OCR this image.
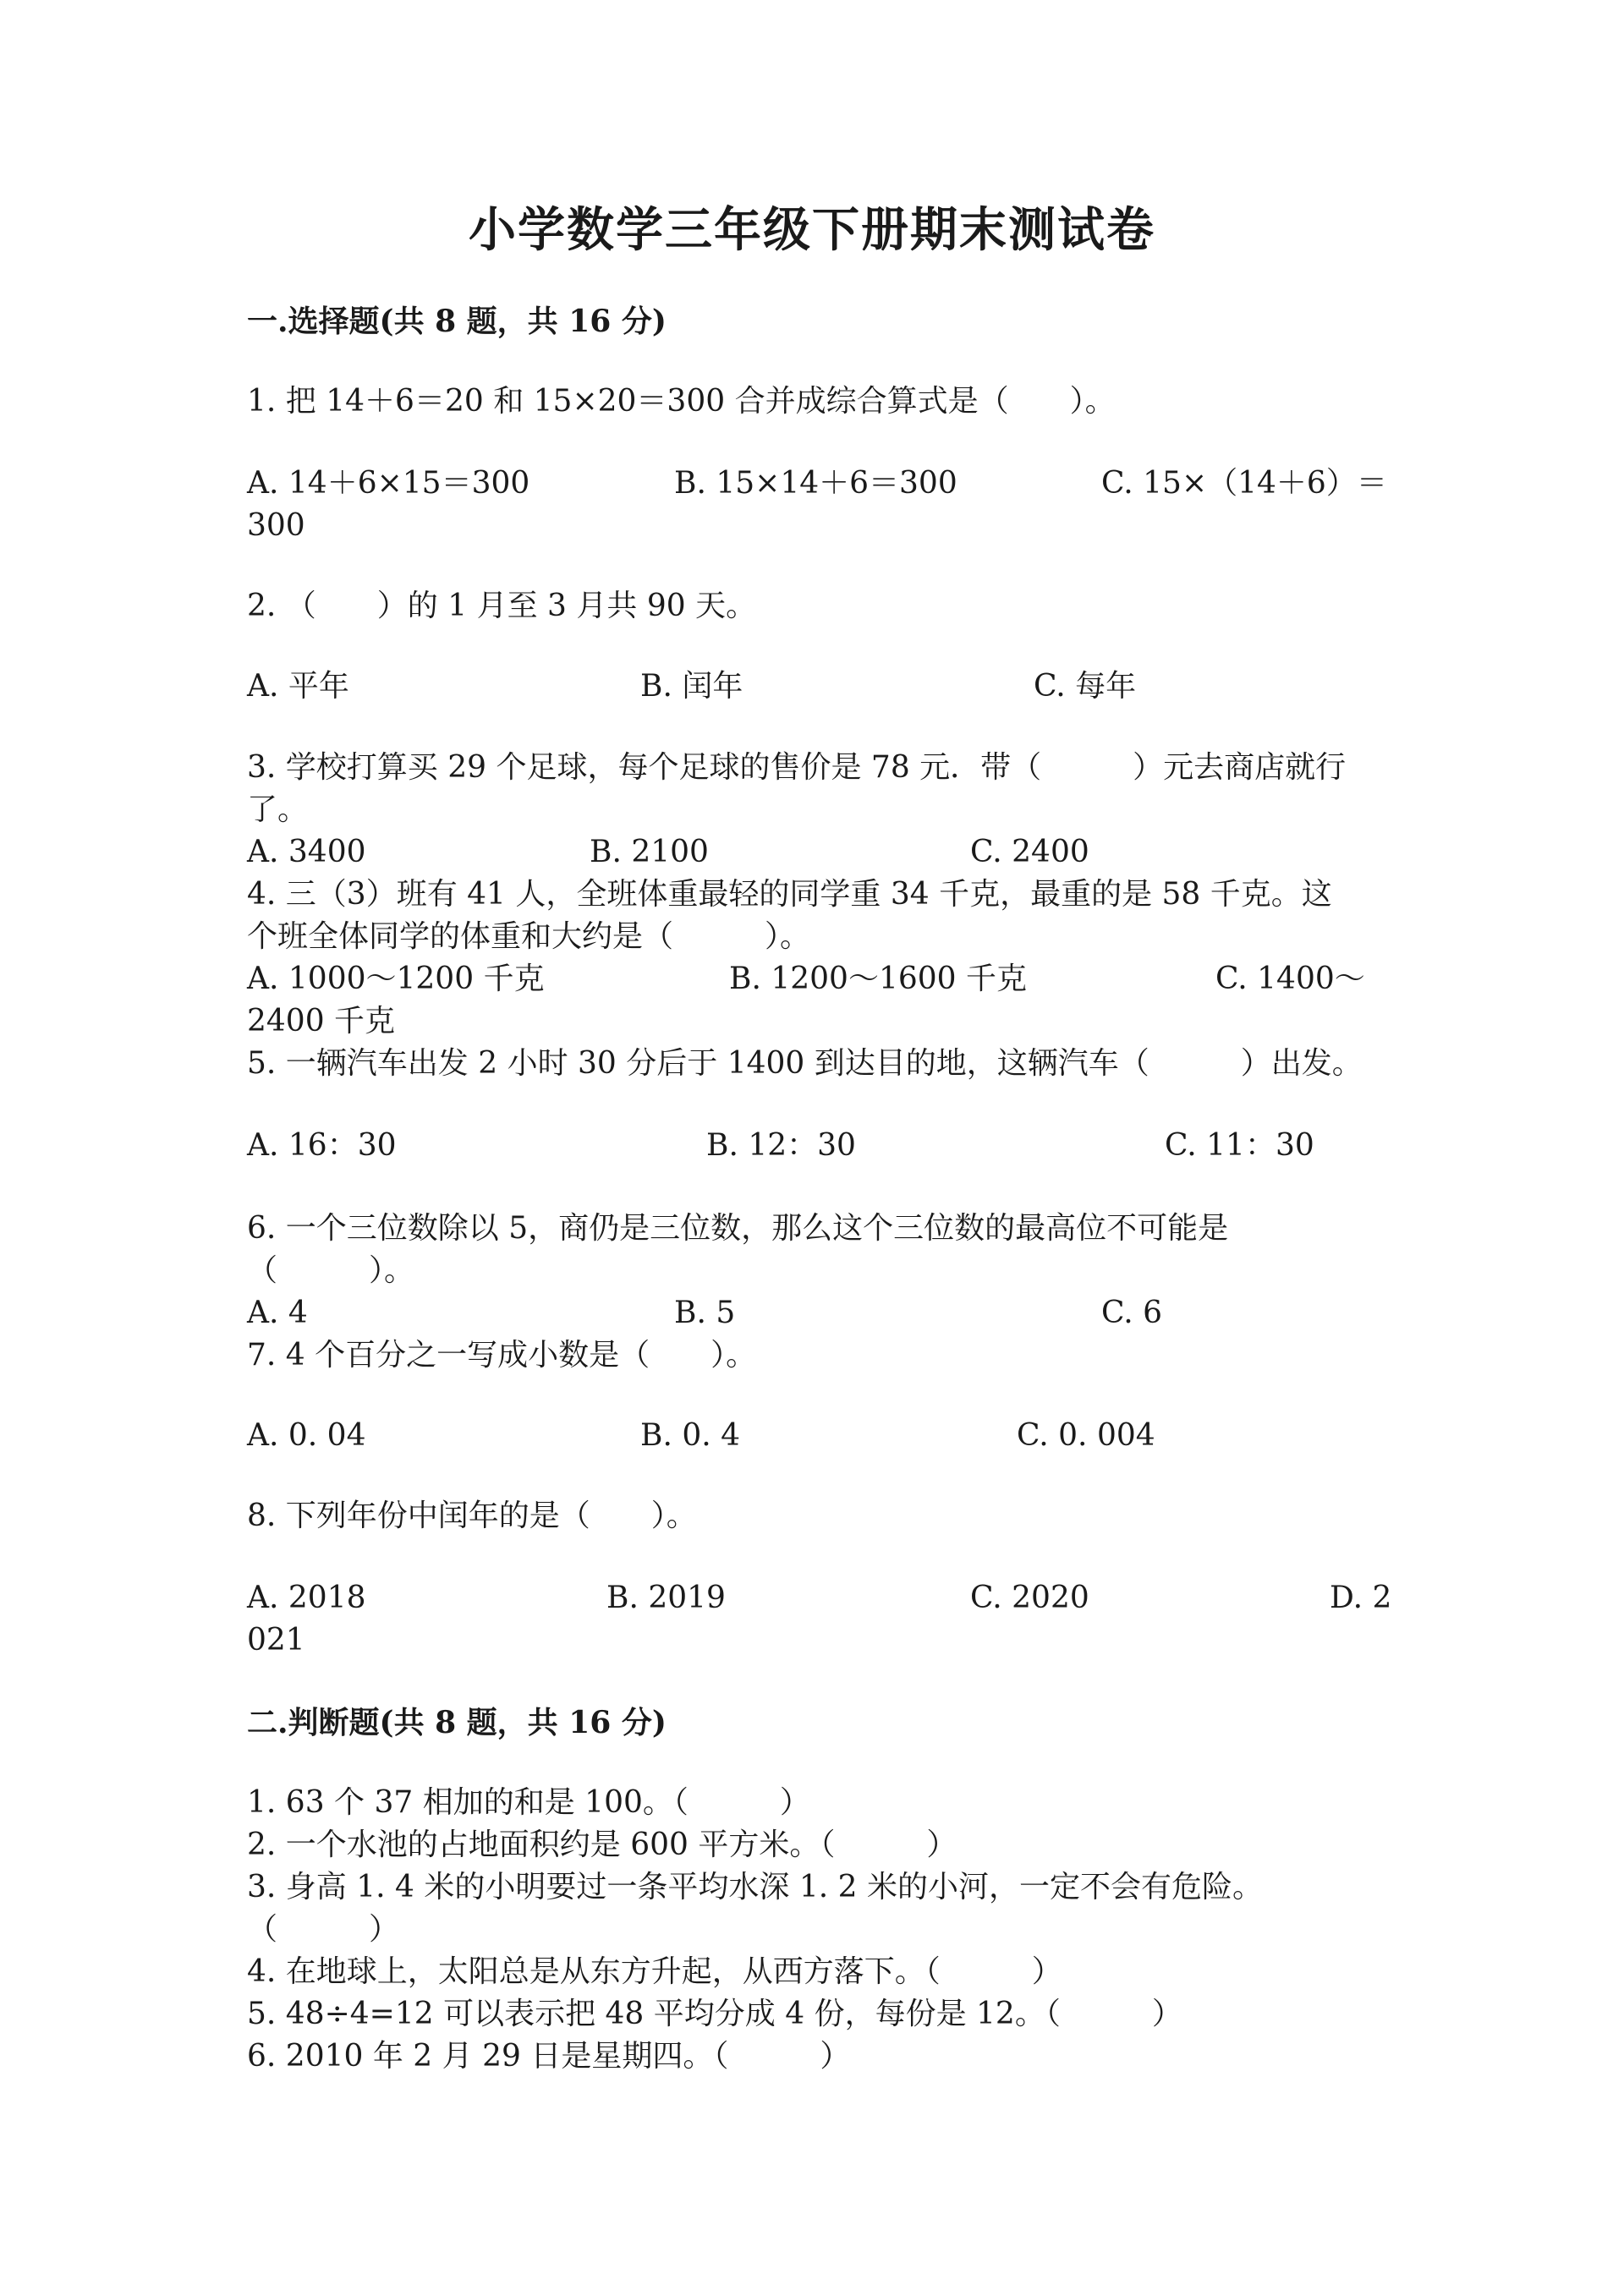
小学数学三年级下册期末测试卷
一.选择题(共 8 题，共 16 分)
1. 把 14＋6＝20 和 15×20＝300 合并成综合算式是（　　）。
A. 14＋6×15＝300	B. 15×14＋6＝300	C. 15×（14＋6）＝
300
2. （　　）的 1 月至 3 月共 90 天。
A. 平年	B. 闰年	C. 每年
3. 学校打算买 29 个足球，每个足球的售价是 78 元．带（　　　）元去商店就行
了。
A. 3400	B. 2100	C. 2400
4. 三（3）班有 41 人，全班体重最轻的同学重 34 千克，最重的是 58 千克。这
个班全体同学的体重和大约是（　　　）。
A. 1000～1200 千克	B. 1200～1600 千克	C. 1400～
2400 千克
5. 一辆汽车出发 2 小时 30 分后于 1400 到达目的地，这辆汽车（　　　）出发。
A. 16：30	B. 12：30	C. 11：30
6. 一个三位数除以 5，商仍是三位数，那么这个三位数的最高位不可能是
（　　　）。
A. 4	B. 5	C. 6
7. 4 个百分之一写成小数是（　　）。
A. 0. 04	B. 0. 4	C. 0. 004
8. 下列年份中闰年的是（　　）。
A. 2018	B. 2019	C. 2020	D. 2
021
二.判断题(共 8 题，共 16 分)
1. 63 个 37 相加的和是 100。（　　　）
2. 一个水池的占地面积约是 600 平方米。（　　　）
3. 身高 1. 4 米的小明要过一条平均水深 1. 2 米的小河，一定不会有危险。
（　　　）
4. 在地球上，太阳总是从东方升起，从西方落下。（　　　）
5. 48÷4=12 可以表示把 48 平均分成 4 份，每份是 12。（　　　）
6. 2010 年 2 月 29 日是星期四。（　　　）
